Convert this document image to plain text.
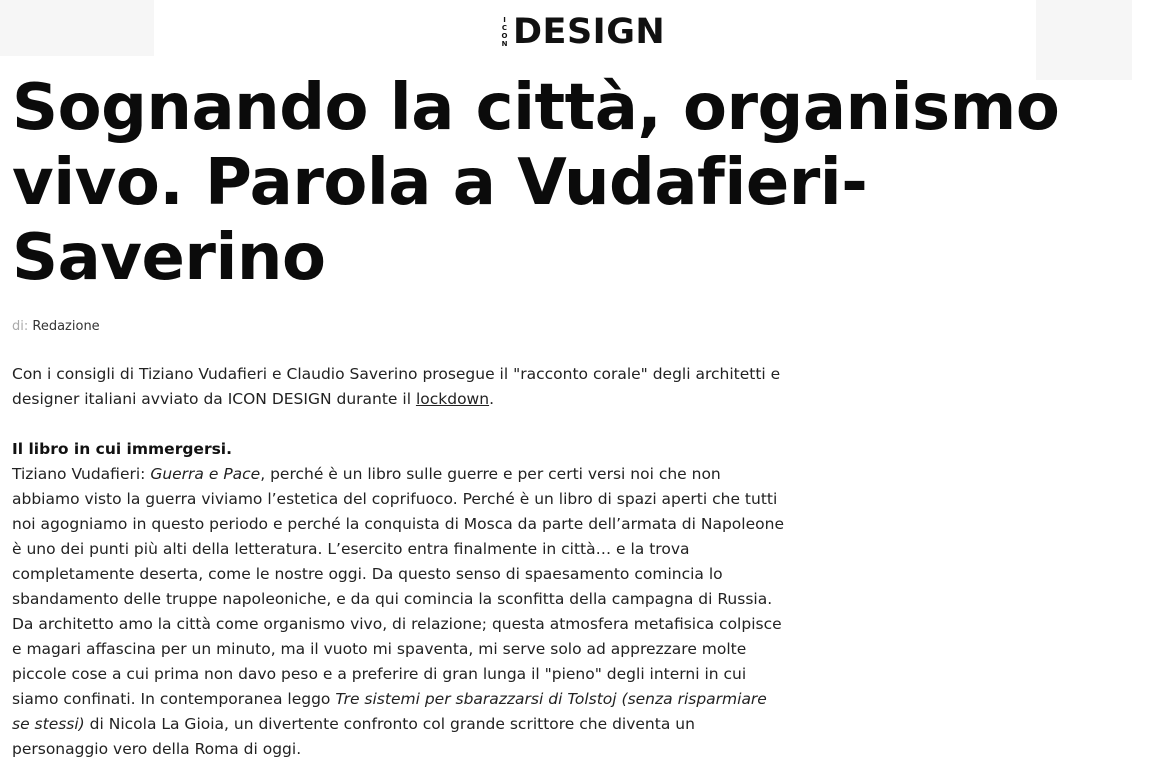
I
C
O
N DESIGN
Sognando la città, organismo vivo. Parola a Vudafieri-Saverino
di: Redazione

Con i consigli di Tiziano Vudafieri e Claudio Saverino prosegue il "racconto corale" degli architetti e designer italiani avviato da ICON DESIGN durante il lockdown.

Il libro in cui immergersi.

Tiziano Vudafieri: Guerra e Pace, perché è un libro sulle guerre e per certi versi noi che non abbiamo visto la guerra viviamo l’estetica del coprifuoco. Perché è un libro di spazi aperti che tutti noi agogniamo in questo periodo e perché la conquista di Mosca da parte dell’armata di Napoleone è uno dei punti più alti della letteratura. L’esercito entra finalmente in città… e la trova completamente deserta, come le nostre oggi. Da questo senso di spaesamento comincia lo sbandamento delle truppe napoleoniche, e da qui comincia la sconfitta della campagna di Russia. Da architetto amo la città come organismo vivo, di relazione; questa atmosfera metafisica colpisce e magari affascina per un minuto, ma il vuoto mi spaventa, mi serve solo ad apprezzare molte piccole cose a cui prima non davo peso e a preferire di gran lunga il "pieno" degli interni in cui siamo confinati. In contemporanea leggo Tre sistemi per sbarazzarsi di Tolstoj (senza risparmiare se stessi) di Nicola La Gioia, un divertente confronto col grande scrittore che diventa un personaggio vero della Roma di oggi.
